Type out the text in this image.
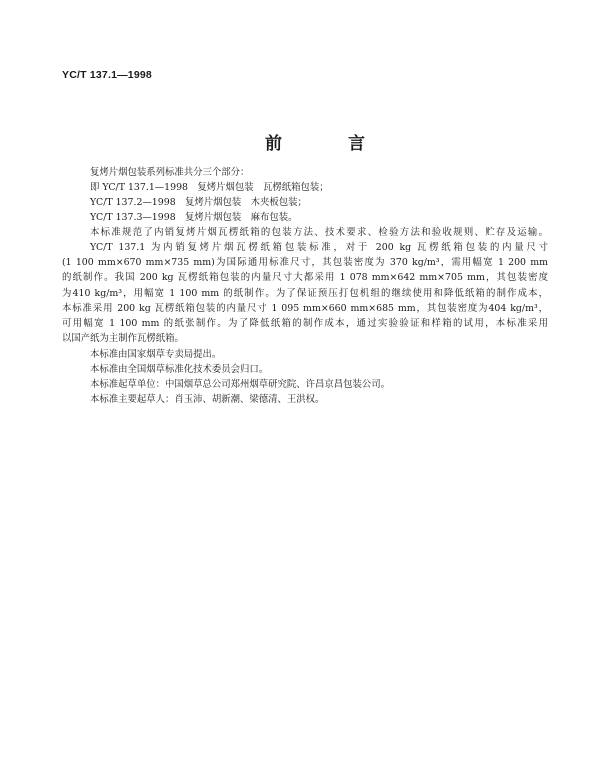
YC/T 137.1—1998
前 言
复烤片烟包装系列标准共分三个部分：
即 YC/T 137.1—1998　复烤片烟包装　瓦楞纸箱包装；
YC/T 137.2—1998　复烤片烟包装　木夹板包装；
YC/T 137.3—1998　复烤片烟包装　麻布包装。
本标准规范了内销复烤片烟瓦楞纸箱的包装方法、技术要求、检验方法和验收规则、贮存及运输。
YC/T 137.1 为内销复烤片烟瓦楞纸箱包装标准，对于 200 kg 瓦楞纸箱包装的内量尺寸
(1 100 mm×670 mm×735 mm)为国际通用标准尺寸，其包装密度为 370 kg/m³，需用幅宽 1 200 mm
的纸制作。我国 200 kg 瓦楞纸箱包装的内量尺寸大都采用 1 078 mm×642 mm×705 mm，其包装密度
为410 kg/m³，用幅宽 1 100 mm 的纸制作。为了保证预压打包机组的继续使用和降低纸箱的制作成本，
本标准采用 200 kg 瓦楞纸箱包装的内量尺寸 1 095 mm×660 mm×685 mm，其包装密度为404 kg/m³，
可用幅宽 1 100 mm 的纸张制作。为了降低纸箱的制作成本，通过实验验证和样箱的试用，本标准采用
以国产纸为主制作瓦楞纸箱。
本标准由国家烟草专卖局提出。
本标准由全国烟草标准化技术委员会归口。
本标准起草单位：中国烟草总公司郑州烟草研究院、许昌京昌包装公司。
本标准主要起草人：肖玉沛、胡新潮、梁德清、王洪权。
